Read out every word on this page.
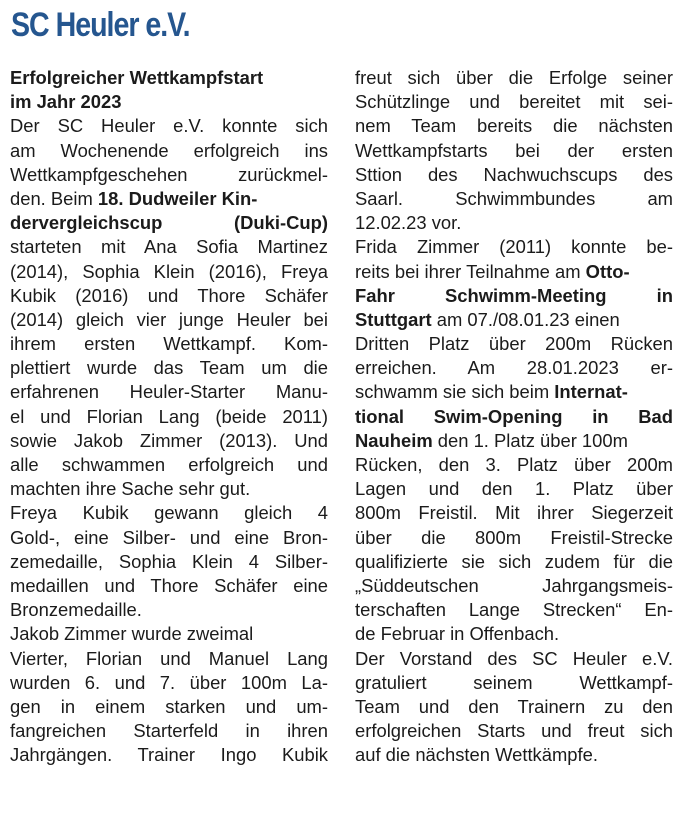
SC Heuler e.V.
Erfolgreicher Wettkampfstart
im Jahr 2023
Der SC Heuler e.V. konnte sich
am Wochenende erfolgreich ins
Wettkampfgeschehen zurückmel-
den. Beim 18. Dudweiler Kin-
dervergleichscup (Duki-Cup)
starteten mit Ana Sofia Martinez
(2014), Sophia Klein (2016), Freya
Kubik (2016) und Thore Schäfer
(2014) gleich vier junge Heuler bei
ihrem ersten Wettkampf. Kom-
plettiert wurde das Team um die
erfahrenen Heuler-Starter Manu-
el und Florian Lang (beide 2011)
sowie Jakob Zimmer (2013). Und
alle schwammen erfolgreich und
machten ihre Sache sehr gut.
Freya Kubik gewann gleich 4
Gold-, eine Silber- und eine Bron-
zemedaille, Sophia Klein 4 Silber-
medaillen und Thore Schäfer eine
Bronzemedaille.
Jakob Zimmer wurde zweimal
Vierter, Florian und Manuel Lang
wurden 6. und 7. über 100m La-
gen in einem starken und um-
fangreichen Starterfeld in ihren
Jahrgängen. Trainer Ingo Kubik
freut sich über die Erfolge seiner
Schützlinge und bereitet mit sei-
nem Team bereits die nächsten
Wettkampfstarts bei der ersten
Sttion des Nachwuchscups des
Saarl. Schwimmbundes am
12.02.23 vor.
Frida Zimmer (2011) konnte be-
reits bei ihrer Teilnahme am Otto-
Fahr Schwimm-Meeting in
Stuttgart am 07./08.01.23 einen
Dritten Platz über 200m Rücken
erreichen. Am 28.01.2023 er-
schwamm sie sich beim Internat-
tional Swim-Opening in Bad
Nauheim den 1. Platz über 100m
Rücken, den 3. Platz über 200m
Lagen und den 1. Platz über
800m Freistil. Mit ihrer Siegerzeit
über die 800m Freistil-Strecke
qualifizierte sie sich zudem für die
„Süddeutschen Jahrgangsmeis-
terschaften Lange Strecken“ En-
de Februar in Offenbach.
Der Vorstand des SC Heuler e.V.
gratuliert seinem Wettkampf-
Team und den Trainern zu den
erfolgreichen Starts und freut sich
auf die nächsten Wettkämpfe.
